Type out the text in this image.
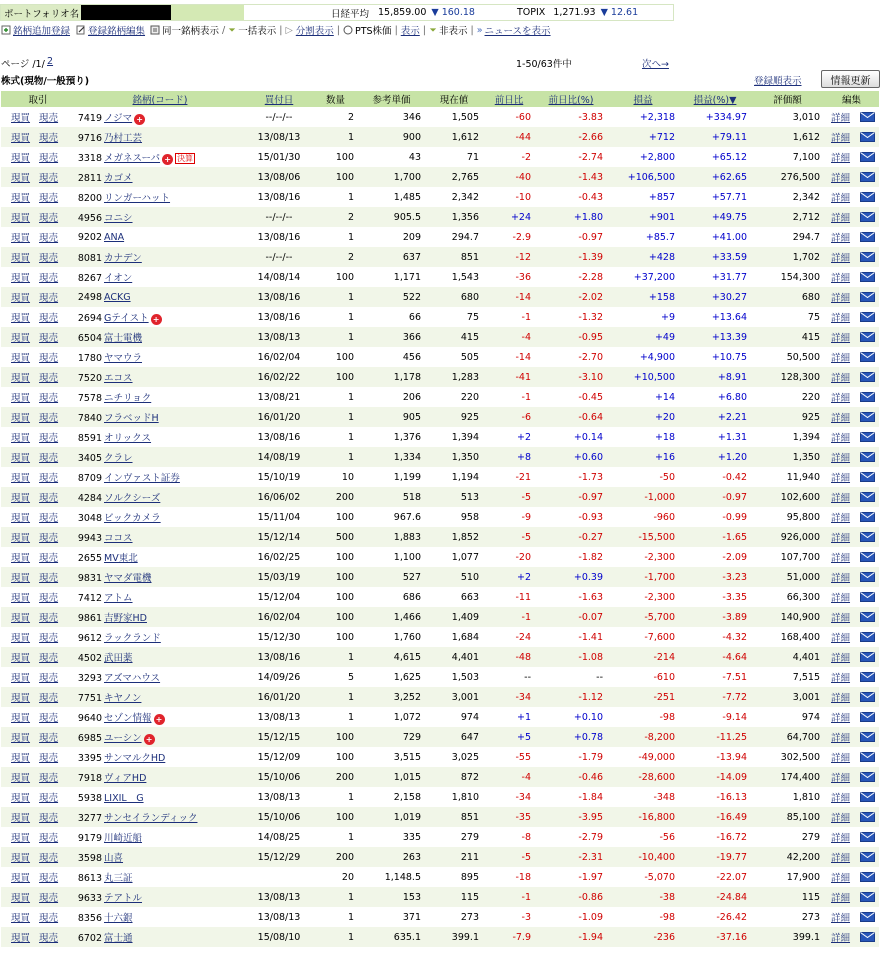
ポートフォリオ名	日経平均 15,859.00 ▼ 160.18	TOPIX 1,271.93 ▼ 12.61
銘柄追加登録 登録銘柄編集 同一銘柄表示 / 一括表示 | ▷ 分割表示 | PTS株価 | 表示 | 非表示 | » ニュースを表示
ページ /1/ 2	1-50/63件中	次へ→
株式(現物/一般預り)	登録順表示	情報更新
取引	銘柄(コード)	買付日	数量	参考単価	現在値	前日比	前日比(%)	損益	損益(%)▼	評価額	編集
現買 現売	7419 ノジマ +	--/--/--	2	346	1,505	-60	-3.83	+2,318	+334.97	3,010	詳細
現買 現売	9716 乃村工芸	13/08/13	1	900	1,612	-44	-2.66	+712	+79.11	1,612	詳細
現買 現売	3318 メガネスーパ + 決算	15/01/30	100	43	71	-2	-2.74	+2,800	+65.12	7,100	詳細
現買 現売	2811 カゴメ	13/08/06	100	1,700	2,765	-40	-1.43	+106,500	+62.65	276,500	詳細
現買 現売	8200 リンガーハット	13/08/16	1	1,485	2,342	-10	-0.43	+857	+57.71	2,342	詳細
現買 現売	4956 コニシ	--/--/--	2	905.5	1,356	+24	+1.80	+901	+49.75	2,712	詳細
現買 現売	9202 ANA	13/08/16	1	209	294.7	-2.9	-0.97	+85.7	+41.00	294.7	詳細
現買 現売	8081 カナデン	--/--/--	2	637	851	-12	-1.39	+428	+33.59	1,702	詳細
現買 現売	8267 イオン	14/08/14	100	1,171	1,543	-36	-2.28	+37,200	+31.77	154,300	詳細
現買 現売	2498 ACKG	13/08/16	1	522	680	-14	-2.02	+158	+30.27	680	詳細
現買 現売	2694 Gテイスト +	13/08/16	1	66	75	-1	-1.32	+9	+13.64	75	詳細
現買 現売	6504 富士電機	13/08/13	1	366	415	-4	-0.95	+49	+13.39	415	詳細
現買 現売	1780 ヤマウラ	16/02/04	100	456	505	-14	-2.70	+4,900	+10.75	50,500	詳細
現買 現売	7520 エコス	16/02/22	100	1,178	1,283	-41	-3.10	+10,500	+8.91	128,300	詳細
現買 現売	7578 ニチリョク	13/08/21	1	206	220	-1	-0.45	+14	+6.80	220	詳細
現買 現売	7840 フラベッドH	16/01/20	1	905	925	-6	-0.64	+20	+2.21	925	詳細
現買 現売	8591 オリックス	13/08/16	1	1,376	1,394	+2	+0.14	+18	+1.31	1,394	詳細
現買 現売	3405 クラレ	14/08/19	1	1,334	1,350	+8	+0.60	+16	+1.20	1,350	詳細
現買 現売	8709 インヴァスト証券	15/10/19	10	1,199	1,194	-21	-1.73	-50	-0.42	11,940	詳細
現買 現売	4284 ソルクシーズ	16/06/02	200	518	513	-5	-0.97	-1,000	-0.97	102,600	詳細
現買 現売	3048 ビックカメラ	15/11/04	100	967.6	958	-9	-0.93	-960	-0.99	95,800	詳細
現買 現売	9943 ココス	15/12/14	500	1,883	1,852	-5	-0.27	-15,500	-1.65	926,000	詳細
現買 現売	2655 MV東北	16/02/25	100	1,100	1,077	-20	-1.82	-2,300	-2.09	107,700	詳細
現買 現売	9831 ヤマダ電機	15/03/19	100	527	510	+2	+0.39	-1,700	-3.23	51,000	詳細
現買 現売	7412 アトム	15/12/04	100	686	663	-11	-1.63	-2,300	-3.35	66,300	詳細
現買 現売	9861 吉野家HD	16/02/04	100	1,466	1,409	-1	-0.07	-5,700	-3.89	140,900	詳細
現買 現売	9612 ラックランド	15/12/30	100	1,760	1,684	-24	-1.41	-7,600	-4.32	168,400	詳細
現買 現売	4502 武田薬	13/08/16	1	4,615	4,401	-48	-1.08	-214	-4.64	4,401	詳細
現買 現売	3293 アズマハウス	14/09/26	5	1,625	1,503	--	--	-610	-7.51	7,515	詳細
現買 現売	7751 キヤノン	16/01/20	1	3,252	3,001	-34	-1.12	-251	-7.72	3,001	詳細
現買 現売	9640 セゾン情報 +	13/08/13	1	1,072	974	+1	+0.10	-98	-9.14	974	詳細
現買 現売	6985 ユーシン +	15/12/15	100	729	647	+5	+0.78	-8,200	-11.25	64,700	詳細
現買 現売	3395 サンマルクHD	15/12/09	100	3,515	3,025	-55	-1.79	-49,000	-13.94	302,500	詳細
現買 現売	7918 ヴィアHD	15/10/06	200	1,015	872	-4	-0.46	-28,600	-14.09	174,400	詳細
現買 現売	5938 LIXIL　G	13/08/13	1	2,158	1,810	-34	-1.84	-348	-16.13	1,810	詳細
現買 現売	3277 サンセイランディック	15/10/06	100	1,019	851	-35	-3.95	-16,800	-16.49	85,100	詳細
現買 現売	9179 川崎近船	14/08/25	1	335	279	-8	-2.79	-56	-16.72	279	詳細
現買 現売	3598 山喜	15/12/29	200	263	211	-5	-2.31	-10,400	-19.77	42,200	詳細
現買 現売	8613 丸三証		20	1,148.5	895	-18	-1.97	-5,070	-22.07	17,900	詳細
現買 現売	9633 テアトル	13/08/13	1	153	115	-1	-0.86	-38	-24.84	115	詳細
現買 現売	8356 十六銀	13/08/13	1	371	273	-3	-1.09	-98	-26.42	273	詳細
現買 現売	6702 富士通	15/08/10	1	635.1	399.1	-7.9	-1.94	-236	-37.16	399.1	詳細
